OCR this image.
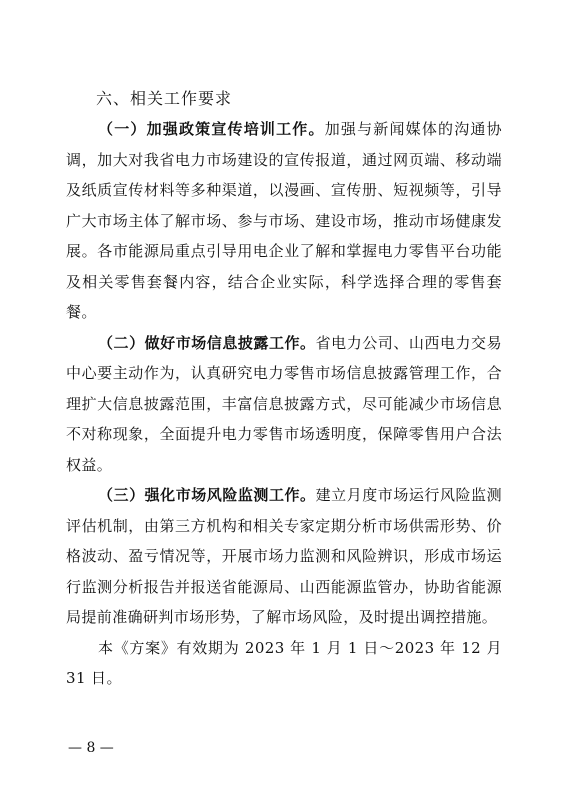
六、相关工作要求

（一）加强政策宣传培训工作。加强与新闻媒体的沟通协调，加大对我省电力市场建设的宣传报道，通过网页端、移动端及纸质宣传材料等多种渠道，以漫画、宣传册、短视频等，引导广大市场主体了解市场、参与市场、建设市场，推动市场健康发展。各市能源局重点引导用电企业了解和掌握电力零售平台功能及相关零售套餐内容，结合企业实际，科学选择合理的零售套餐。

（二）做好市场信息披露工作。省电力公司、山西电力交易中心要主动作为，认真研究电力零售市场信息披露管理工作，合理扩大信息披露范围，丰富信息披露方式，尽可能减少市场信息不对称现象，全面提升电力零售市场透明度，保障零售用户合法权益。

（三）强化市场风险监测工作。建立月度市场运行风险监测评估机制，由第三方机构和相关专家定期分析市场供需形势、价格波动、盈亏情况等，开展市场力监测和风险辨识，形成市场运行监测分析报告并报送省能源局、山西能源监管办，协助省能源局提前准确研判市场形势，了解市场风险，及时提出调控措施。

本《方案》有效期为 2023 年 1 月 1 日～2023 年 12 月 31 日。

— 8 —
